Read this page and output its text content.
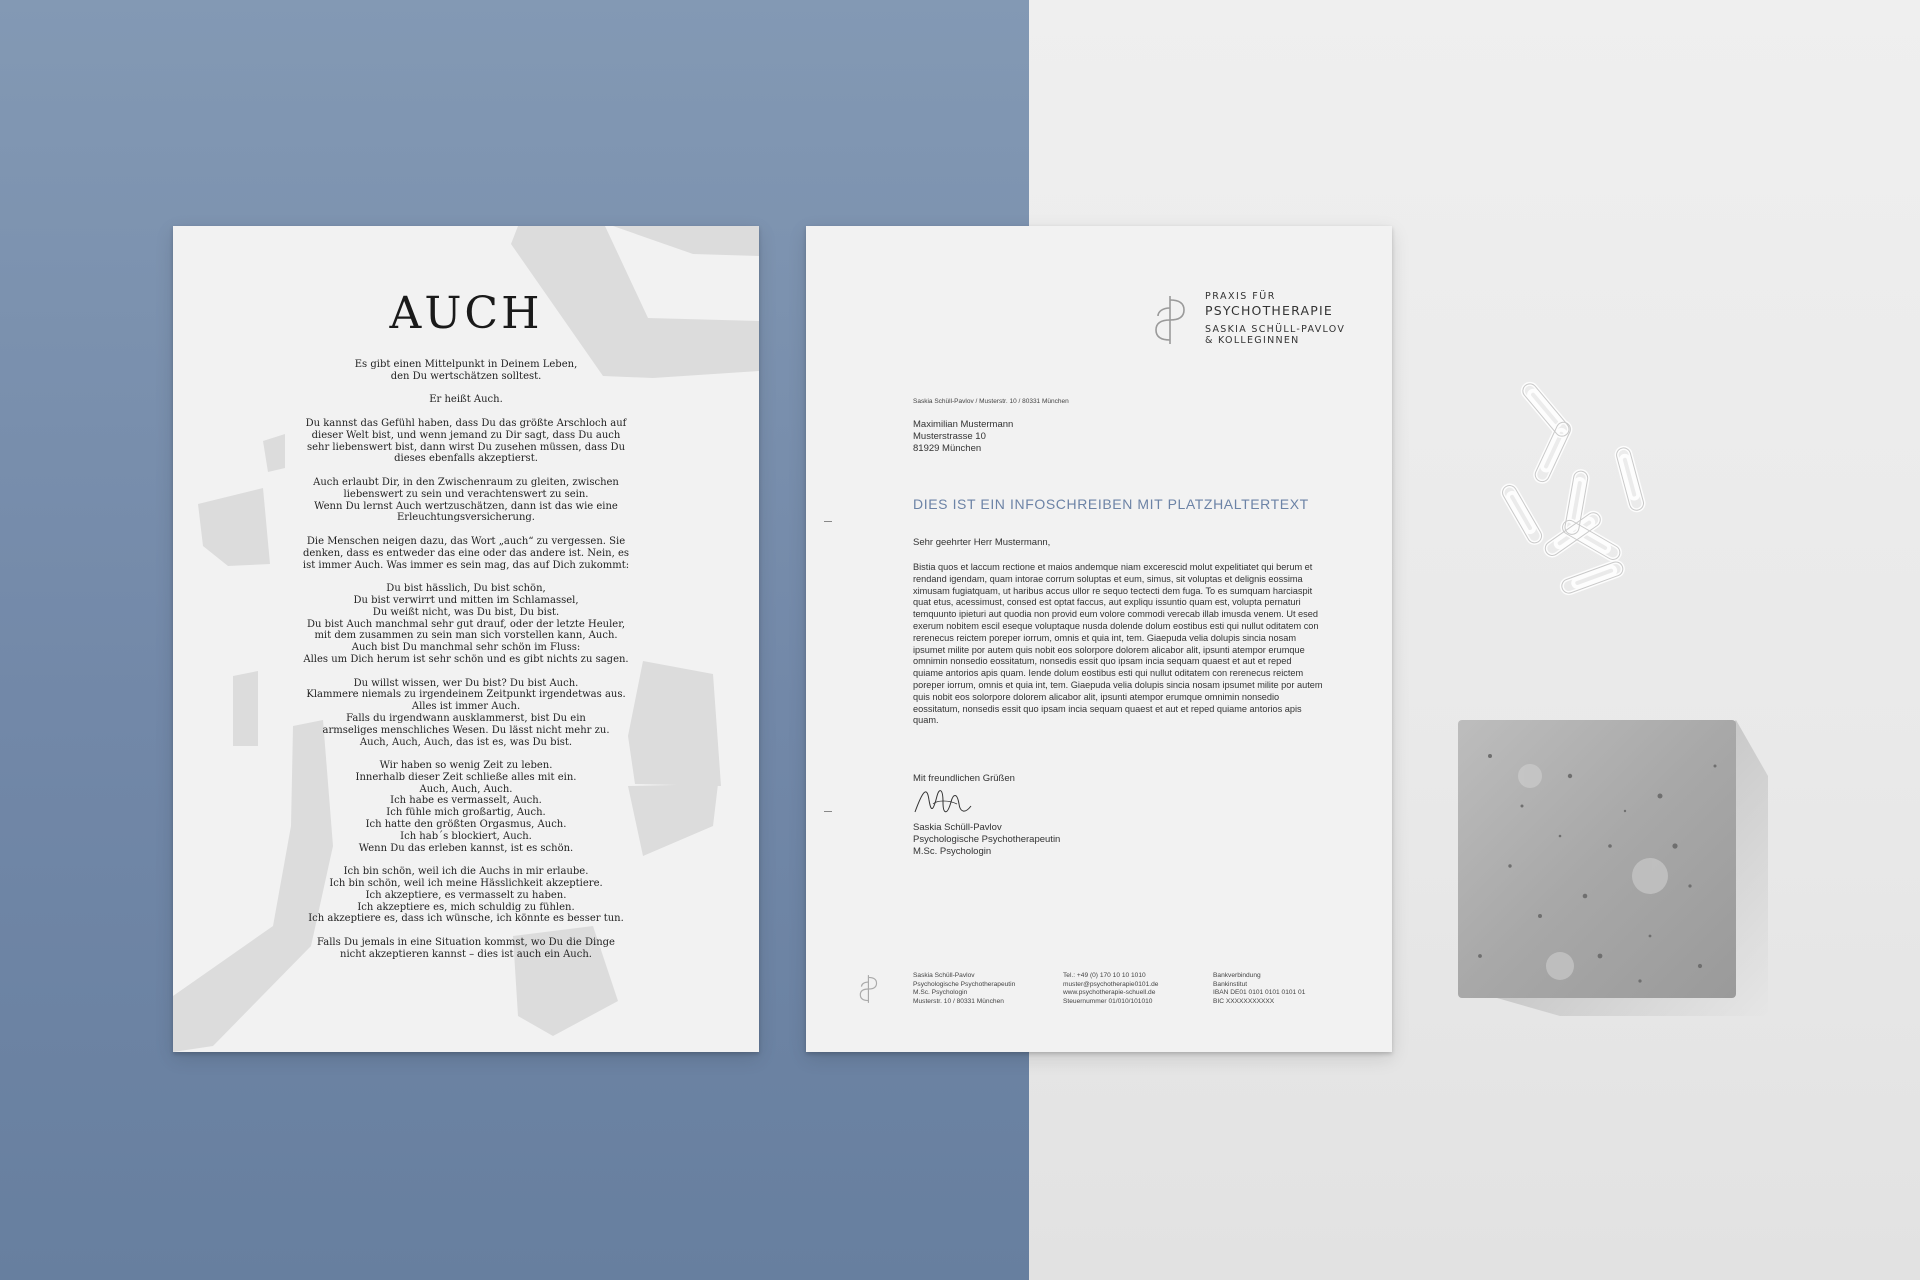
AUCH

Es gibt einen Mittelpunkt in Deinem Leben,
den Du wertschätzen solltest.

Er heißt Auch.

Du kannst das Gefühl haben, dass Du das größte Arschloch auf
dieser Welt bist, und wenn jemand zu Dir sagt, dass Du auch
sehr liebenswert bist, dann wirst Du zusehen müssen, dass Du
dieses ebenfalls akzeptierst.

Auch erlaubt Dir, in den Zwischenraum zu gleiten, zwischen
liebenswert zu sein und verachtenswert zu sein.
Wenn Du lernst Auch wertzuschätzen, dann ist das wie eine
Erleuchtungsversicherung.

Die Menschen neigen dazu, das Wort „auch“ zu vergessen. Sie
denken, dass es entweder das eine oder das andere ist. Nein, es
ist immer Auch. Was immer es sein mag, das auf Dich zukommt:

Du bist hässlich, Du bist schön,
Du bist verwirrt und mitten im Schlamassel,
Du weißt nicht, was Du bist, Du bist.
Du bist Auch manchmal sehr gut drauf, oder der letzte Heuler,
mit dem zusammen zu sein man sich vorstellen kann, Auch.
Auch bist Du manchmal sehr schön im Fluss:
Alles um Dich herum ist sehr schön und es gibt nichts zu sagen.

Du willst wissen, wer Du bist? Du bist Auch.
Klammere niemals zu irgendeinem Zeitpunkt irgendetwas aus.
Alles ist immer Auch.
Falls du irgendwann ausklammerst, bist Du ein
armseliges menschliches Wesen. Du lässt nicht mehr zu.
Auch, Auch, Auch, das ist es, was Du bist.

Wir haben so wenig Zeit zu leben.
Innerhalb dieser Zeit schließe alles mit ein.
Auch, Auch, Auch.
Ich habe es vermasselt, Auch.
Ich fühle mich großartig, Auch.
Ich hatte den größten Orgasmus, Auch.
Ich hab´s blockiert, Auch.
Wenn Du das erleben kannst, ist es schön.

Ich bin schön, weil ich die Auchs in mir erlaube.
Ich bin schön, weil ich meine Hässlichkeit akzeptiere.
Ich akzeptiere, es vermasselt zu haben.
Ich akzeptiere es, mich schuldig zu fühlen.
Ich akzeptiere es, dass ich wünsche, ich könnte es besser tun.

Falls Du jemals in eine Situation kommst, wo Du die Dinge
nicht akzeptieren kannst – dies ist auch ein Auch.

PRAXIS FÜR
PSYCHOTHERAPIE
SASKIA SCHÜLL-PAVLOV
& KOLLEGINNEN
Saskia Schüll-Pavlov / Musterstr. 10 / 80331 München
Maximilian Mustermann
Musterstrasse 10
81929 München
DIES IST EIN INFOSCHREIBEN MIT PLATZHALTERTEXT
Sehr geehrter Herr Mustermann,
Bistia quos et laccum rectione et maios andemque niam excerescid molut expelitiatet qui berum et rendand igendam, quam intorae corrum soluptas et eum, simus, sit voluptas et delignis eossima ximusam fugiatquam, ut haribus accus ullor re sequo tectecti dem fuga. To es sumquam harciaspit quat etus, acessimust, consed est optat faccus, aut expliqu issuntio quam est, volupta pernaturi temquunto ipieturi aut quodia non provid eum volore commodi verecab illab imusda venem. Ut esed exerum nobitem escil eseque voluptaque nusda dolende dolum eostibus esti qui nullut oditatem con rerenecus reictem poreper iorrum, omnis et quia int, tem. Giaepuda velia dolupis sincia nosam ipsumet milite por autem quis nobit eos solorpore dolorem alicabor alit, ipsunti atempor erumque omnimin nonsedio eossitatum, nonsedis essit quo ipsam incia sequam quaest et aut et reped quiame antorios apis quam. Iende dolum eostibus esti qui nullut oditatem con rerenecus reictem poreper iorrum, omnis et quia int, tem. Giaepuda velia dolupis sincia nosam ipsumet milite por autem quis nobit eos solorpore dolorem alicabor alit, ipsunti atempor erumque omnimin nonsedio eossitatum, nonsedis essit quo ipsam incia sequam quaest et aut et reped quiame antorios apis quam.
Mit freundlichen Grüßen
Saskia Schüll-Pavlov
Psychologische Psychotherapeutin
M.Sc. Psychologin
Saskia Schüll-Pavlov
Psychologische Psychotherapeutin
M.Sc. Psychologin
Musterstr. 10 / 80331 München
Tel.: +49 (0) 170 10 10 1010
muster@psychotherapie0101.de
www.psychotherapie-schuell.de
Steuernummer 01/010/101010
Bankverbindung
Bankinstitut
IBAN DE01 0101 0101 0101 01
BIC XXXXXXXXXXX
